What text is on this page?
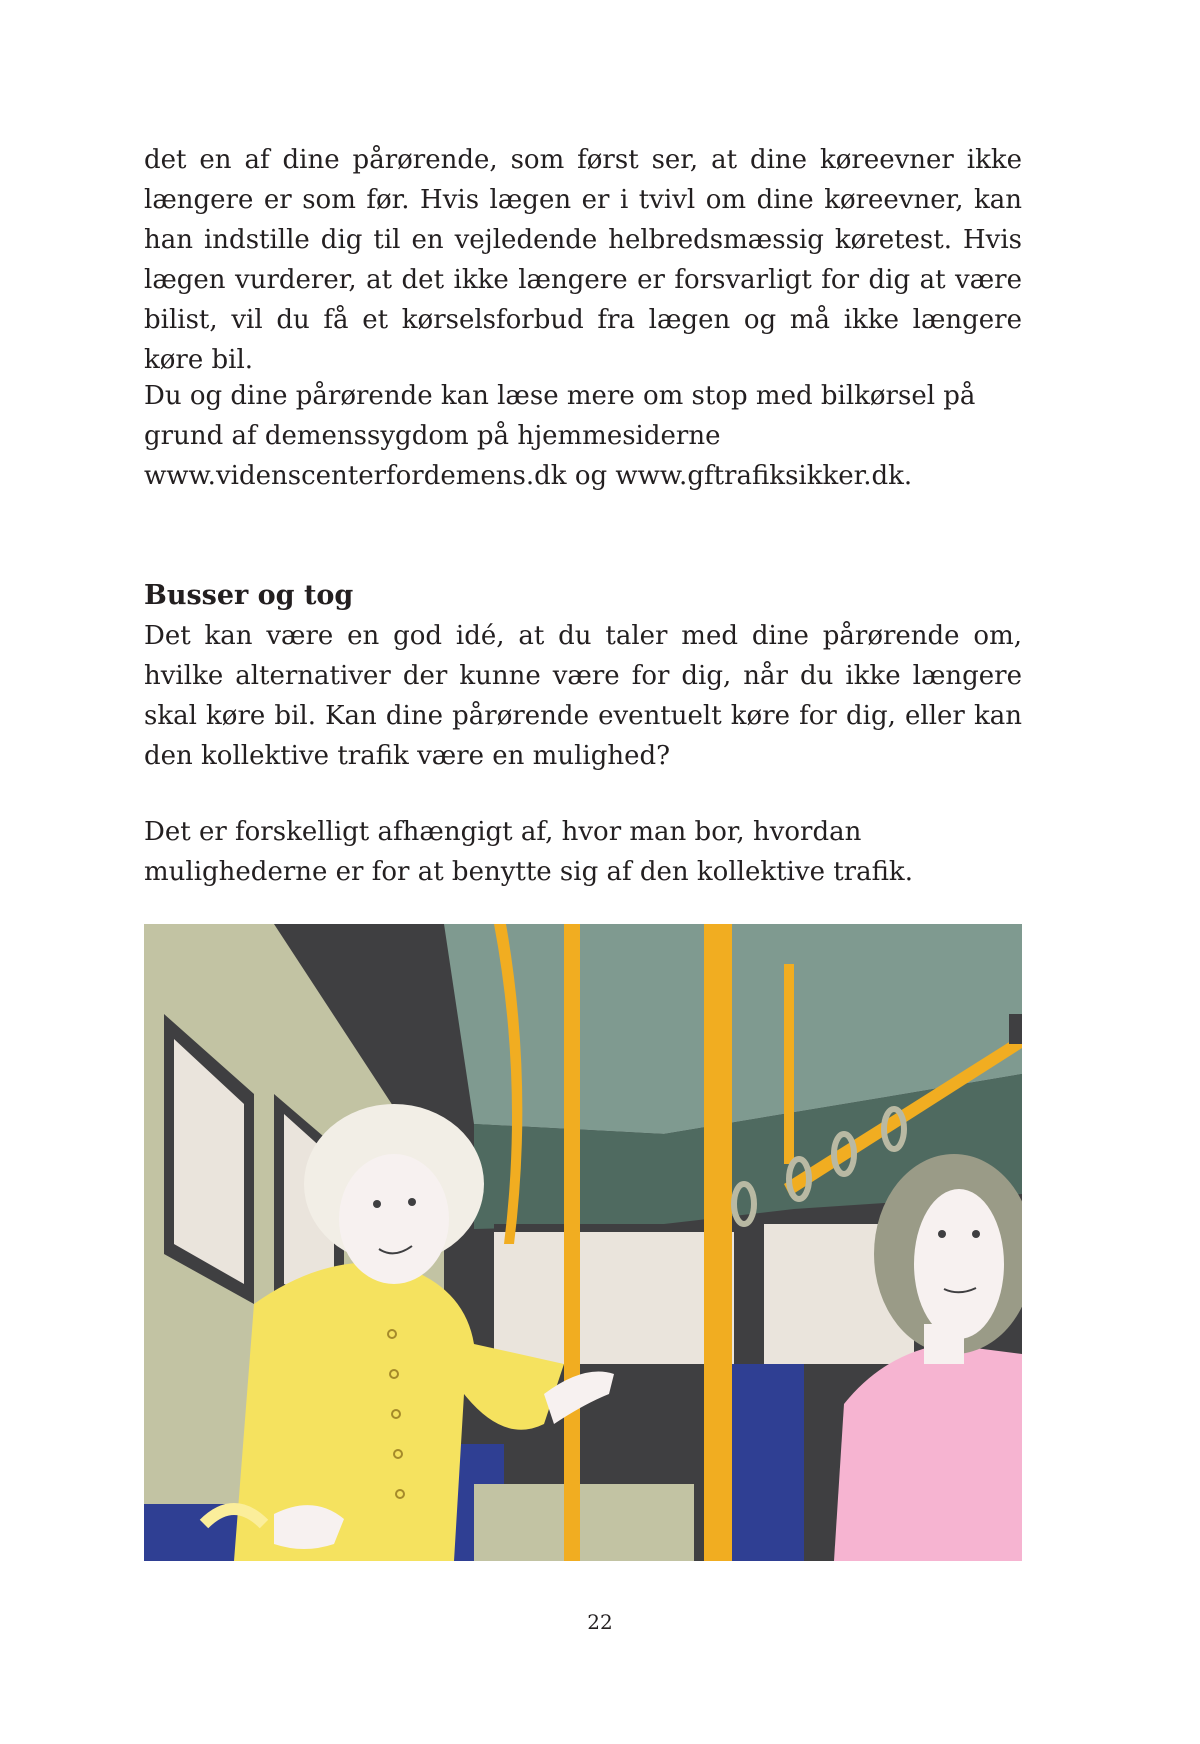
det en af dine pårørende, som først ser, at dine køreevner ikke længere er som før. Hvis lægen er i tvivl om dine køreevner, kan han indstille dig til en vejledende helbredsmæssig køretest. Hvis lægen vurderer, at det ikke længere er forsvarligt for dig at være bilist, vil du få et kørselsforbud fra lægen og må ikke længere køre bil.

Du og dine pårørende kan læse mere om stop med bilkørsel på grund af demenssygdom på hjemmesiderne www.videnscenterfordemens.dk og www.gftrafiksikker.dk.

Busser og tog

Det kan være en god idé, at du taler med dine pårørende om, hvilke alternativer der kunne være for dig, når du ikke længere skal køre bil. Kan dine pårørende eventuelt køre for dig, eller kan den kollektive trafik være en mulighed?

Det er forskelligt afhængigt af, hvor man bor, hvordan mulighederne er for at benytte sig af den kollektive trafik.

22
